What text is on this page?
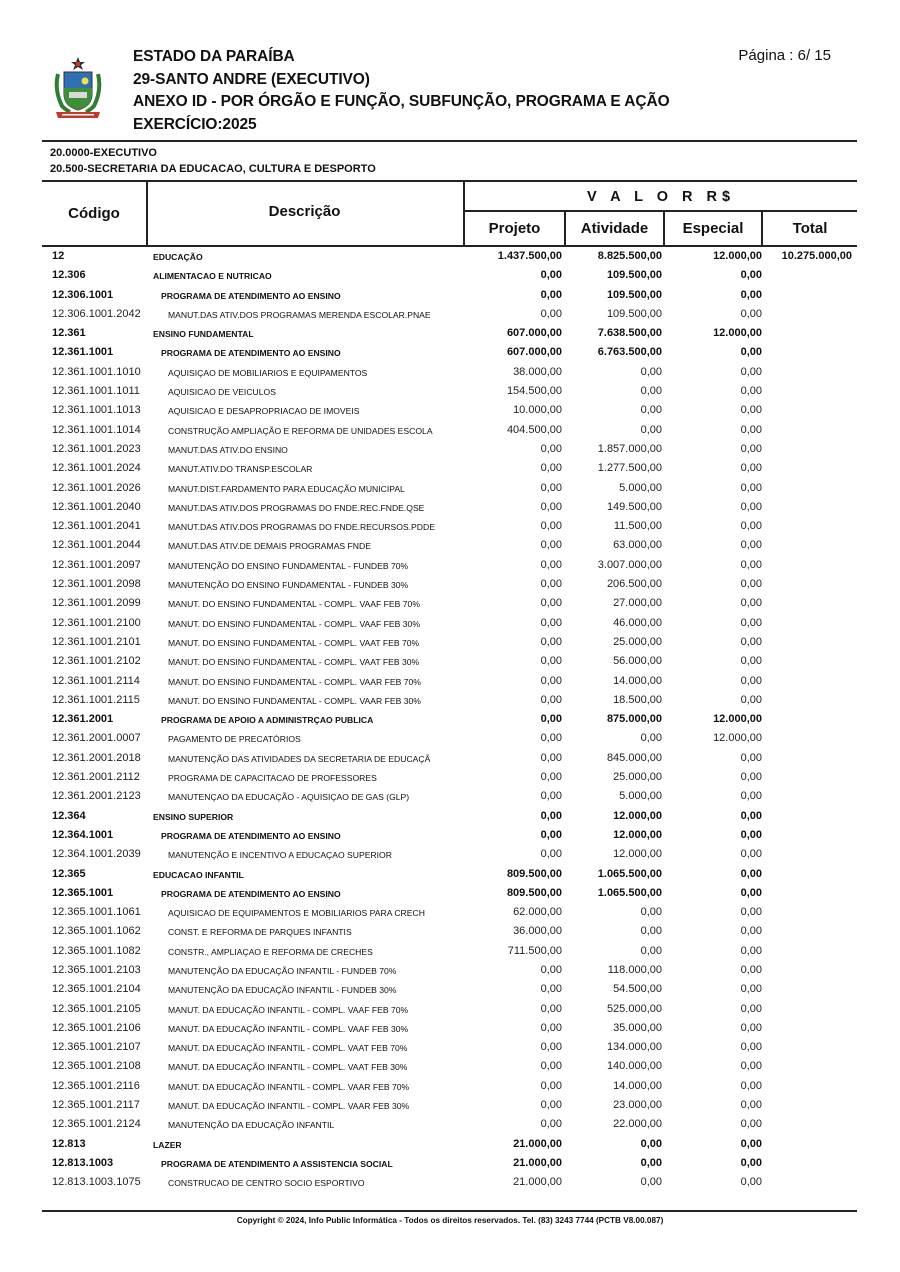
ESTADO DA PARAÍBA
29-SANTO ANDRE (EXECUTIVO)
ANEXO ID - POR ÓRGÃO E FUNÇÃO, SUBFUNÇÃO, PROGRAMA E AÇÃO
EXERCÍCIO:2025
Página : 6/ 15
20.0000-EXECUTIVO
20.500-SECRETARIA DA EDUCACAO, CULTURA E DESPORTO
Código	Descrição
V A L O R R$
Projeto	Atividade	Especial	Total
12	EDUCAÇÃO	1.437.500,00	8.825.500,00	12.000,00 10.275.000,00
12.306	ALIMENTACAO E NUTRICAO	0,00	109.500,00	0,00
12.306.1001	PROGRAMA DE ATENDIMENTO AO ENSINO	0,00	109.500,00	0,00
12.306.1001.2042	MANUT.DAS ATIV.DOS PROGRAMAS MERENDA ESCOLAR.PNAE	0,00	109.500,00	0,00
12.361	ENSINO FUNDAMENTAL	607.000,00	7.638.500,00	12.000,00
12.361.1001	PROGRAMA DE ATENDIMENTO AO ENSINO	607.000,00	6.763.500,00	0,00
12.361.1001.1010	AQUISIÇAO DE MOBILIARIOS E EQUIPAMENTOS	38.000,00	0,00	0,00
12.361.1001.1011	AQUISICAO DE VEICULOS	154.500,00	0,00	0,00
12.361.1001.1013	AQUISICAO E DESAPROPRIACAO DE IMOVEIS	10.000,00	0,00	0,00
12.361.1001.1014	CONSTRUÇÃO AMPLIAÇÃO E REFORMA DE UNIDADES ESCOLA	404.500,00	0,00	0,00
12.361.1001.2023	MANUT.DAS ATIV.DO ENSINO	0,00	1.857.000,00	0,00
12.361.1001.2024	MANUT.ATIV.DO TRANSP.ESCOLAR	0,00	1.277.500,00	0,00
12.361.1001.2026	MANUT.DIST.FARDAMENTO PARA EDUCAÇÃO MUNICIPAL	0,00	5.000,00	0,00
12.361.1001.2040	MANUT.DAS ATIV.DOS PROGRAMAS DO FNDE.REC.FNDE.QSE	0,00	149.500,00	0,00
12.361.1001.2041	MANUT.DAS ATIV.DOS PROGRAMAS DO FNDE.RECURSOS.PDDE	0,00	11.500,00	0,00
12.361.1001.2044	MANUT.DAS ATIV.DE DEMAIS PROGRAMAS FNDE	0,00	63.000,00	0,00
12.361.1001.2097	MANUTENÇÃO DO ENSINO FUNDAMENTAL - FUNDEB 70%	0,00	3.007.000,00	0,00
12.361.1001.2098	MANUTENÇÃO DO ENSINO FUNDAMENTAL - FUNDEB 30%	0,00	206.500,00	0,00
12.361.1001.2099	MANUT. DO ENSINO FUNDAMENTAL - COMPL. VAAF FEB 70%	0,00	27.000,00	0,00
12.361.1001.2100	MANUT. DO ENSINO FUNDAMENTAL - COMPL. VAAF FEB 30%	0,00	46.000,00	0,00
12.361.1001.2101	MANUT. DO ENSINO FUNDAMENTAL - COMPL. VAAT FEB 70%	0,00	25.000,00	0,00
12.361.1001.2102	MANUT. DO ENSINO FUNDAMENTAL - COMPL. VAAT FEB 30%	0,00	56.000,00	0,00
12.361.1001.2114	MANUT. DO ENSINO FUNDAMENTAL - COMPL. VAAR FEB 70%	0,00	14.000,00	0,00
12.361.1001.2115	MANUT. DO ENSINO FUNDAMENTAL - COMPL. VAAR FEB 30%	0,00	18.500,00	0,00
12.361.2001	PROGRAMA DE APOIO A ADMINISTRÇAO PUBLICA	0,00	875.000,00	12.000,00
12.361.2001.0007	PAGAMENTO DE PRECATÓRIOS	0,00	0,00	12.000,00
12.361.2001.2018	MANUTENÇÃO DAS ATIVIDADES DA SECRETARIA DE EDUCAÇÃ	0,00	845.000,00	0,00
12.361.2001.2112	PROGRAMA DE CAPACITACAO DE PROFESSORES	0,00	25.000,00	0,00
12.361.2001.2123	MANUTENÇAO DA EDUCAÇÃO - AQUISIÇAO DE GAS (GLP)	0,00	5.000,00	0,00
12.364	ENSINO SUPERIOR	0,00	12.000,00	0,00
12.364.1001	PROGRAMA DE ATENDIMENTO AO ENSINO	0,00	12.000,00	0,00
12.364.1001.2039	MANUTENÇÃO E INCENTIVO A EDUCAÇAO SUPERIOR	0,00	12.000,00	0,00
12.365	EDUCACAO INFANTIL	809.500,00	1.065.500,00	0,00
12.365.1001	PROGRAMA DE ATENDIMENTO AO ENSINO	809.500,00	1.065.500,00	0,00
12.365.1001.1061	AQUISICAO DE EQUIPAMENTOS E MOBILIARIOS PARA CRECH	62.000,00	0,00	0,00
12.365.1001.1062	CONST. E REFORMA DE PARQUES INFANTIS	36.000,00	0,00	0,00
12.365.1001.1082	CONSTR., AMPLIAÇAO E REFORMA DE CRECHES	711.500,00	0,00	0,00
12.365.1001.2103	MANUTENÇÃO DA EDUCAÇÃO INFANTIL - FUNDEB 70%	0,00	118.000,00	0,00
12.365.1001.2104	MANUTENÇÃO DA EDUCAÇÃO INFANTIL - FUNDEB 30%	0,00	54.500,00	0,00
12.365.1001.2105	MANUT. DA EDUCAÇÃO INFANTIL - COMPL. VAAF FEB 70%	0,00	525.000,00	0,00
12.365.1001.2106	MANUT. DA EDUCAÇÃO INFANTIL - COMPL. VAAF FEB 30%	0,00	35.000,00	0,00
12.365.1001.2107	MANUT. DA EDUCAÇÃO INFANTIL - COMPL. VAAT FEB 70%	0,00	134.000,00	0,00
12.365.1001.2108	MANUT. DA EDUCAÇÃO INFANTIL - COMPL. VAAT FEB 30%	0,00	140.000,00	0,00
12.365.1001.2116	MANUT. DA EDUCAÇÃO INFANTIL - COMPL. VAAR FEB 70%	0,00	14.000,00	0,00
12.365.1001.2117	MANUT. DA EDUCAÇÃO INFANTIL - COMPL. VAAR FEB 30%	0,00	23.000,00	0,00
12.365.1001.2124	MANUTENÇÃO DA EDUCAÇÃO INFANTIL	0,00	22.000,00	0,00
12.813	LAZER	21.000,00	0,00	0,00
12.813.1003	PROGRAMA DE ATENDIMENTO A ASSISTENCIA SOCIAL	21.000,00	0,00	0,00
12.813.1003.1075	CONSTRUCAO DE CENTRO SOCIO ESPORTIVO	21.000,00	0,00	0,00
Copyright © 2024, Info Public Informática - Todos os direitos reservados. Tel. (83) 3243 7744 (PCTB V8.00.087)
